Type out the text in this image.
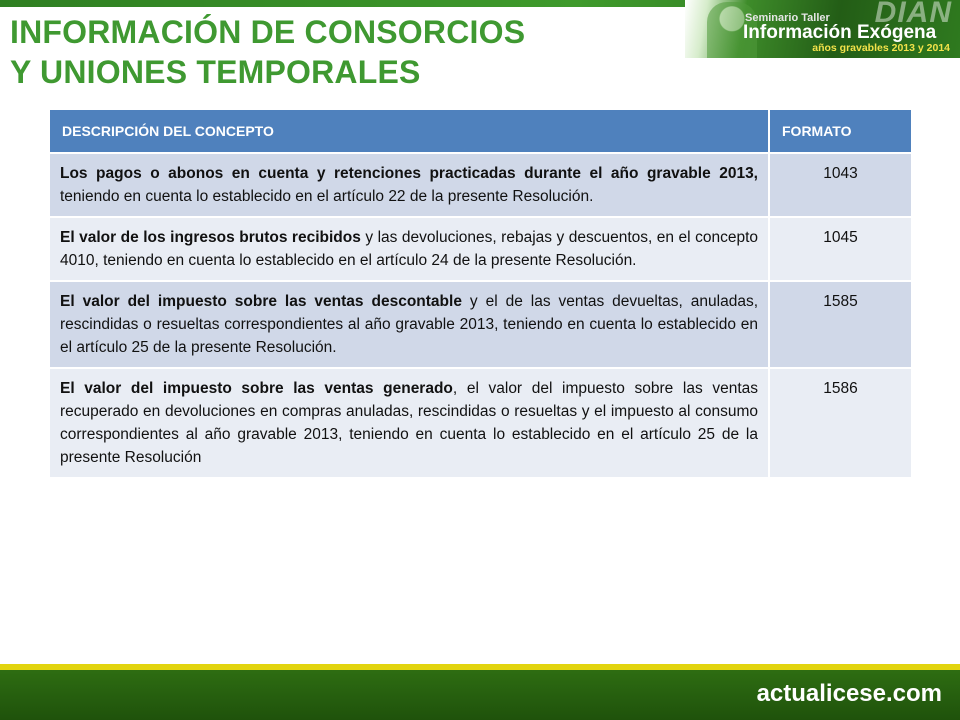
INFORMACIÓN DE CONSORCIOS
Y UNIONES TEMPORALES
DIAN
Seminario Taller
Información Exógena
años gravables 2013 y 2014
DESCRIPCIÓN DEL CONCEPTO	FORMATO
Los pagos o abonos en cuenta y retenciones practicadas durante el año gravable 2013, teniendo en cuenta lo establecido en el artículo 22 de la presente Resolución.	1043
El valor de los ingresos brutos recibidos y las devoluciones, rebajas y descuentos, en el concepto 4010, teniendo en cuenta lo establecido en el artículo 24 de la presente Resolución.	1045
El valor del impuesto sobre las ventas descontable y el de las ventas devueltas, anuladas, rescindidas o resueltas correspondientes al año gravable 2013, teniendo en cuenta lo establecido en el artículo 25 de la presente Resolución.	1585
El valor del impuesto sobre las ventas generado, el valor del impuesto sobre las ventas recuperado en devoluciones en compras anuladas, rescindidas o resueltas y el impuesto al consumo correspondientes al año gravable 2013, teniendo en cuenta lo establecido en el artículo 25 de la presente Resolución	1586
actualicese.com
